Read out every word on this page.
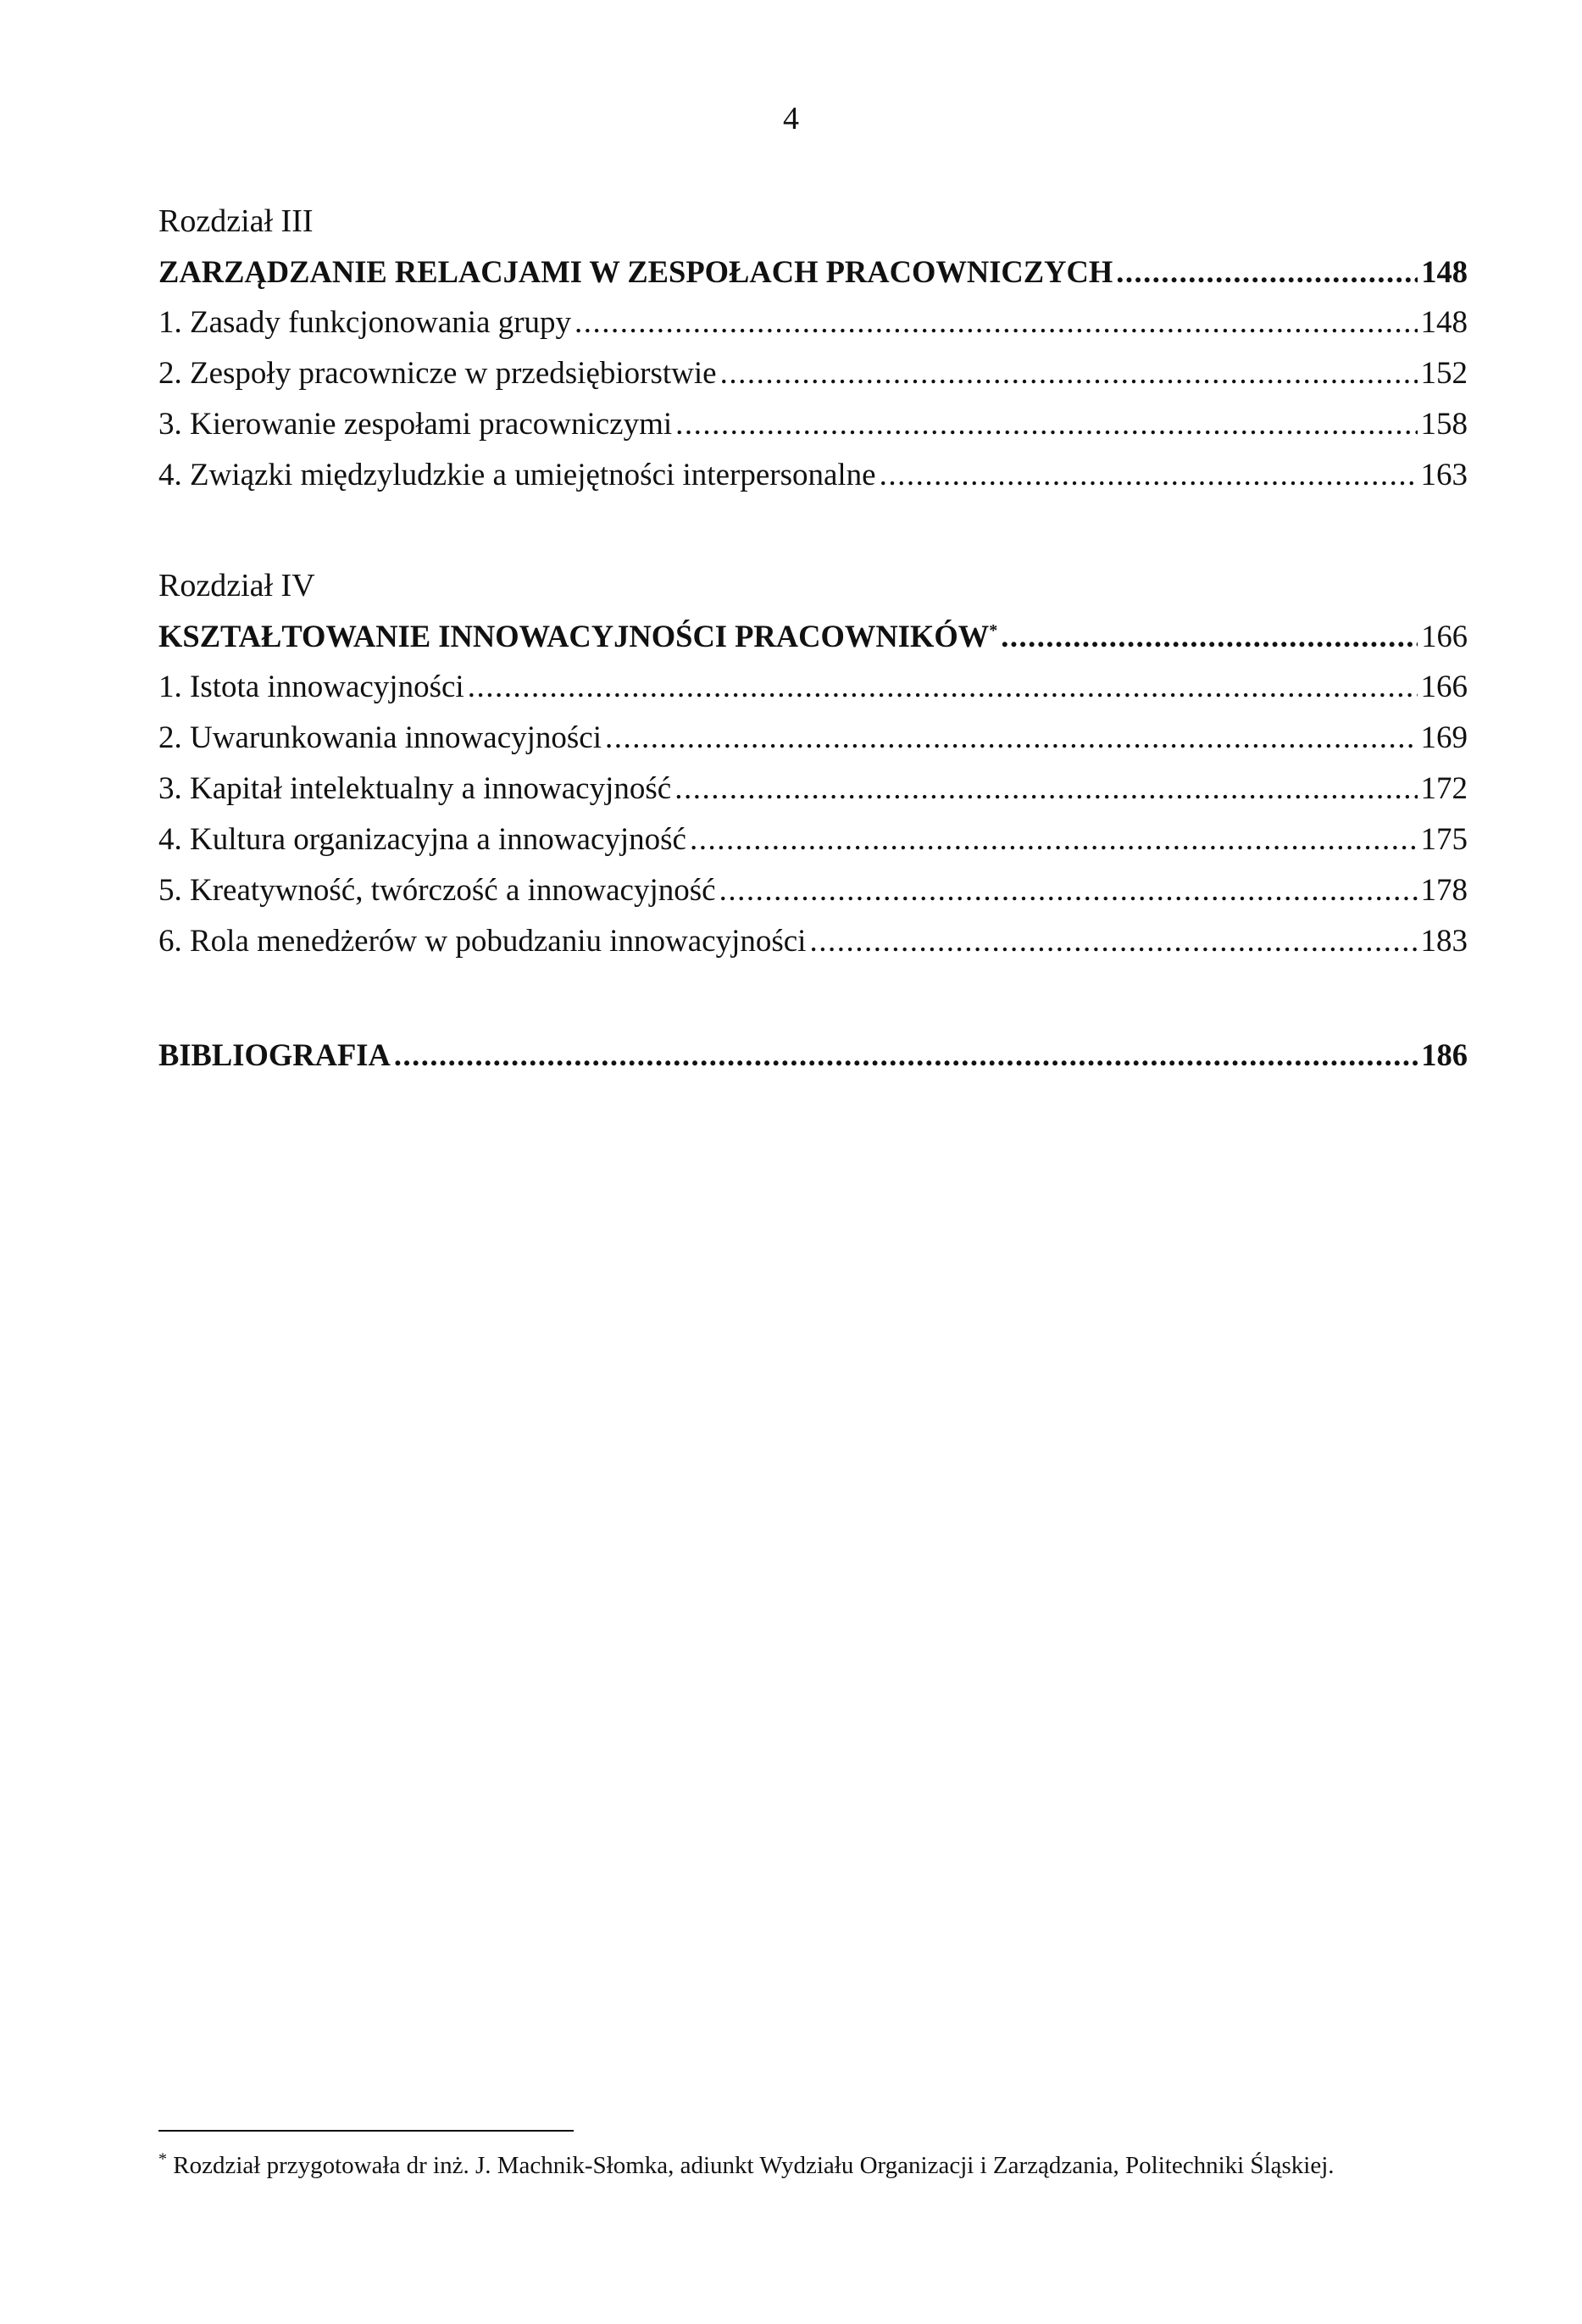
4
Rozdział III
ZARZĄDZANIE RELACJAMI W ZESPOŁACH PRACOWNICZYCH .....	148
1. Zasady funkcjonowania grupy .....	148
2. Zespoły pracownicze w przedsiębiorstwie .....	152
3. Kierowanie zespołami pracowniczymi .....	158
4. Związki międzyludzkie a umiejętności interpersonalne .....	163
Rozdział IV
KSZTAŁTOWANIE INNOWACYJNOŚCI PRACOWNIKÓW* .....	166
1. Istota innowacyjności .....	166
2. Uwarunkowania innowacyjności .....	169
3. Kapitał intelektualny a innowacyjność .....	172
4. Kultura organizacyjna a innowacyjność .....	175
5. Kreatywność, twórczość a innowacyjność .....	178
6. Rola menedżerów w pobudzaniu innowacyjności .....	183
BIBLIOGRAFIA .....	186
* Rozdział przygotowała dr inż. J. Machnik-Słomka, adiunkt Wydziału Organizacji i Zarządzania, Politechniki Śląskiej.
